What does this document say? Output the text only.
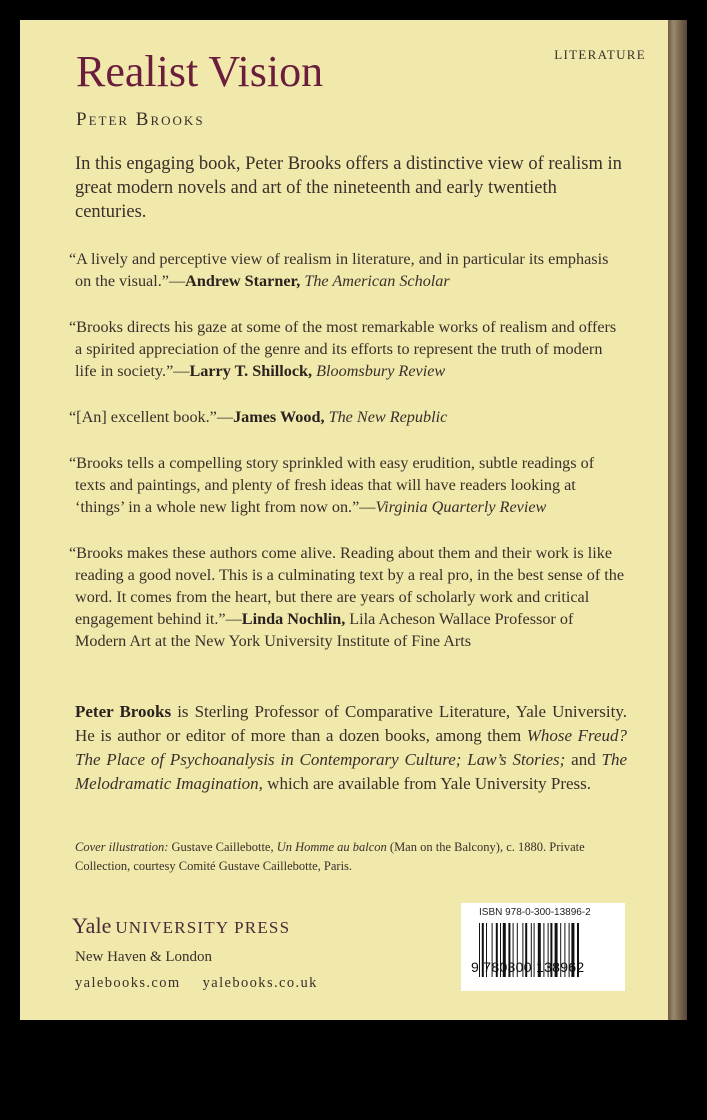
LITERATURE
Realist Vision
Peter Brooks

In this engaging book, Peter Brooks offers a distinctive view of realism in great modern novels and art of the nineteenth and early twentieth centuries.

“A lively and perceptive view of realism in literature, and in particular its emphasis on the visual.”—Andrew Starner, The American Scholar

“Brooks directs his gaze at some of the most remarkable works of realism and offers a spirited appreciation of the genre and its efforts to represent the truth of modern life in society.”—Larry T. Shillock, Bloomsbury Review

“[An] excellent book.”—James Wood, The New Republic

“Brooks tells a compelling story sprinkled with easy erudition, subtle readings of texts and paintings, and plenty of fresh ideas that will have readers looking at ‘things’ in a whole new light from now on.”—Virginia Quarterly Review

“Brooks makes these authors come alive. Reading about them and their work is like reading a good novel. This is a culminating text by a real pro, in the best sense of the word. It comes from the heart, but there are years of scholarly work and critical engagement behind it.”—Linda Nochlin, Lila Acheson Wallace Professor of Modern Art at the New York University Institute of Fine Arts

Peter Brooks is Sterling Professor of Comparative Literature, Yale University. He is author or editor of more than a dozen books, among them Whose Freud? The Place of Psychoanalysis in Contemporary Culture; Law’s Stories; and The Melodramatic Imagination, which are available from Yale University Press.

Cover illustration: Gustave Caillebotte, Un Homme au balcon (Man on the Balcony), c. 1880. Private Collection, courtesy Comité Gustave Caillebotte, Paris.

Yale UNIVERSITY PRESS
New Haven & London
yalebooks.com yalebooks.co.uk
ISBN 978-0-300-13896-2
9 780300 138962
